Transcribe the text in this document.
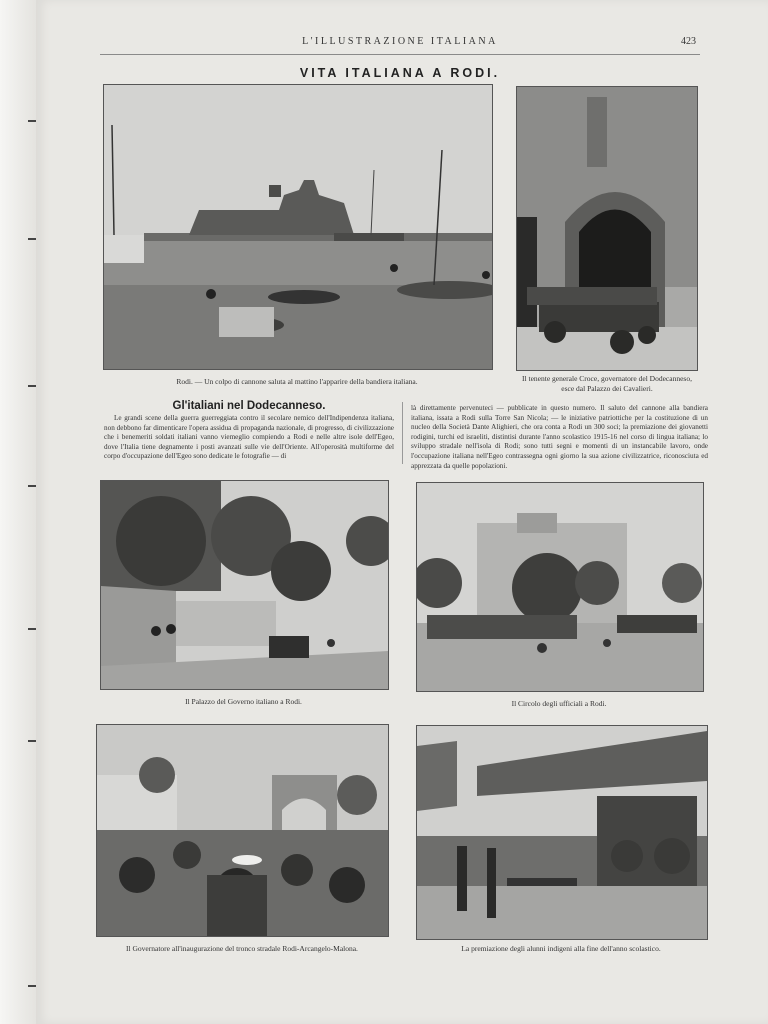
L'ILLUSTRAZIONE ITALIANA	423
VITA ITALIANA A RODI.
Rodi. — Un colpo di cannone saluta al mattino l'apparire della bandiera italiana.	Il tenente generale Croce, governatore del Dodecanneso, esce dal Palazzo dei Cavalieri.
Gl'italiani nel Dodecanneso.
Le grandi scene della guerra guerreggiata contro il secolare nemico dell'Indipendenza italiana, non debbono far dimenticare l'opera assidua di propaganda nazionale, di progresso, di civilizzazione che i benemeriti soldati italiani vanno viemeglio compiendo a Rodi e nelle altre isole dell'Egeo, dove l'Italia tiene degnamente i posti avanzati sulle vie dell'Oriente. All'operosità multiforme del corpo d'occupazione dell'Egeo sono dedicate le fotografie — di
là direttamente pervenuteci — pubblicate in questo numero. Il saluto del cannone alla bandiera italiana, issata a Rodi sulla Torre San Nicola; — le iniziative patriottiche per la costituzione di un nucleo della Società Dante Alighieri, che ora conta a Rodi un 300 soci; la premiazione dei giovanetti rodigini, turchi ed israeliti, distintisi durante l'anno scolastico 1915-16 nel corso di lingua italiana; lo sviluppo stradale nell'isola di Rodi; sono tutti segni e momenti di un instancabile lavoro, onde l'occupazione italiana nell'Egeo contrassegna ogni giorno la sua azione civilizzatrice, riconosciuta ed apprezzata da quelle popolazioni.
Il Palazzo del Governo italiano a Rodi.	Il Circolo degli ufficiali a Rodi.
Il Governatore all'inaugurazione del tronco stradale Rodi-Arcangelo-Malona.	La premiazione degli alunni indigeni alla fine dell'anno scolastico.
